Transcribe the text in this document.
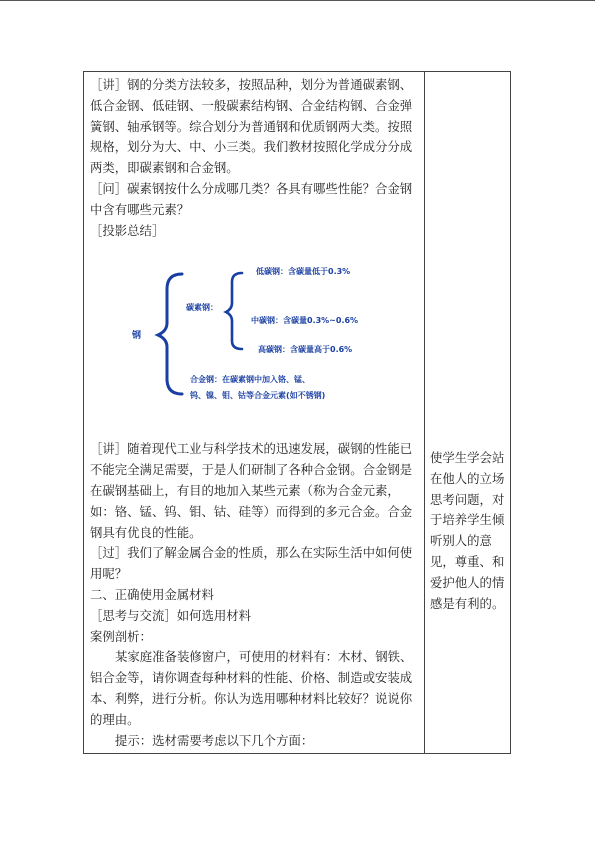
［讲］钢的分类方法较多，按照品种，划分为普通碳素钢、低合金钢、低硅钢、一般碳素结构钢、合金结构钢、合金弹簧钢、轴承钢等。综合划分为普通钢和优质钢两大类。按照规格，划分为大、中、小三类。我们教材按照化学成分分成两类，即碳素钢和合金钢。

［问］碳素钢按什么分成哪几类？各具有哪些性能？合金钢中含有哪些元素？

［投影总结］

钢
碳素钢：
低碳钢：含碳量低于0.3%
中碳钢：含碳量0.3%~0.6%
高碳钢：含碳量高于0.6%
合金钢：在碳素钢中加入铬、锰、
钨、镍、钼、钴等合金元素(如不锈钢)

［讲］随着现代工业与科学技术的迅速发展，碳钢的性能已不能完全满足需要，于是人们研制了各种合金钢。合金钢是在碳钢基础上，有目的地加入某些元素（称为合金元素，如：铬、锰、钨、钼、钴、硅等）而得到的多元合金。合金钢具有优良的性能。

［过］我们了解金属合金的性质，那么在实际生活中如何使用呢？

二、正确使用金属材料

［思考与交流］如何选用材料

案例剖析：

某家庭准备装修窗户，可使用的材料有：木材、钢铁、铝合金等，请你调查每种材料的性能、价格、制造或安装成本、利弊，进行分析。你认为选用哪种材料比较好？说说你的理由。

提示：选材需要考虑以下几个方面：

使学生学会站在他人的立场思考问题，对于培养学生倾听别人的意见，尊重、和爱护他人的情感是有利的。
